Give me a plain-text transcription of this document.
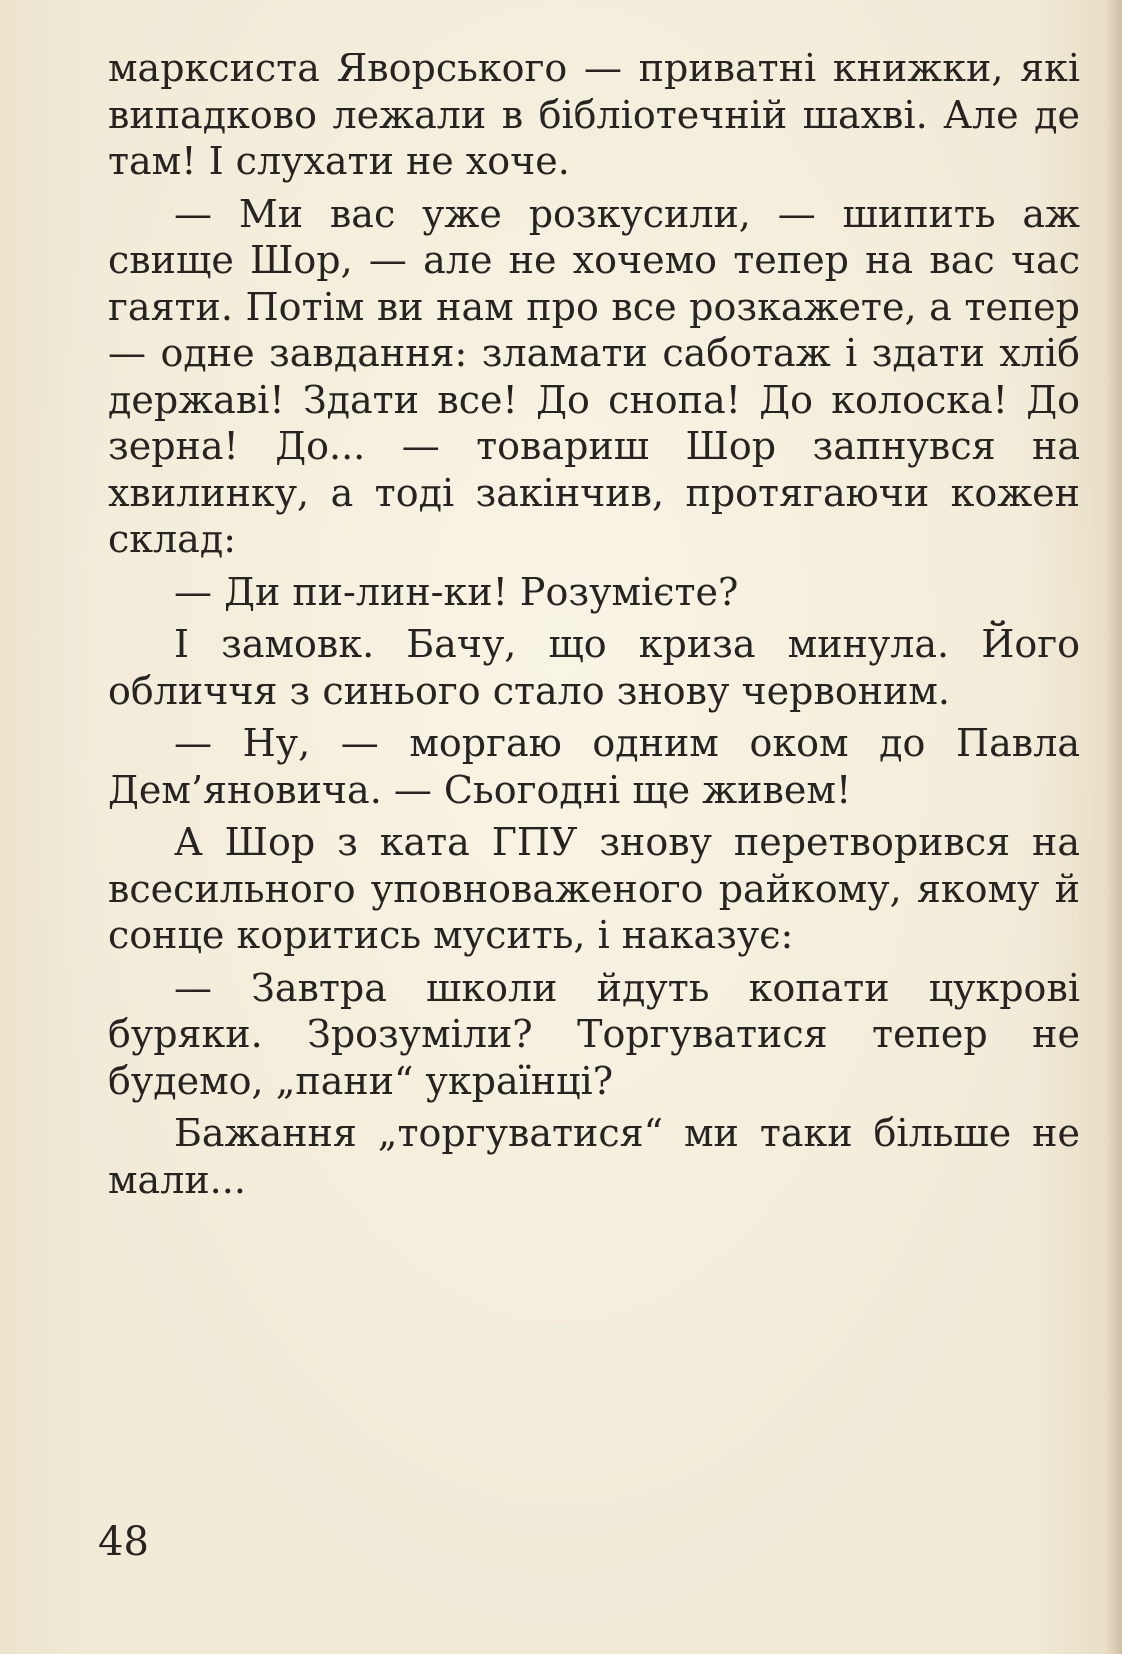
марксиста Яворського — приватні книжки, які випадково лежали в бібліотечній шахві. Але де там! І слухати не хоче.

— Ми вас уже розкусили, — шипить аж свище Шор, — але не хочемо тепер на вас час гаяти. Потім ви нам про все розкажете, а тепер — одне завдання: зламати саботаж і здати хліб державі! Здати все! До снопа! До колоска! До зерна! До... — товариш Шор запнувся на хвилинку, а тоді закінчив, протягаючи кожен склад:

— Ди пи-лин-ки! Розумієте?

І замовк. Бачу, що криза минула. Його обличчя з синього стало знову червоним.

— Ну, — моргаю одним оком до Павла Дем’яновича. — Сьогодні ще живем!

А Шор з ката ГПУ знову перетворився на всесильного уповноваженого райкому, якому й сонце коритись мусить, і наказує:

— Завтра школи йдуть копати цукрові буряки. Зрозуміли? Торгуватися тепер не будемо, „пани“ українці?

Бажання „торгуватися“ ми таки більше не мали...

48
